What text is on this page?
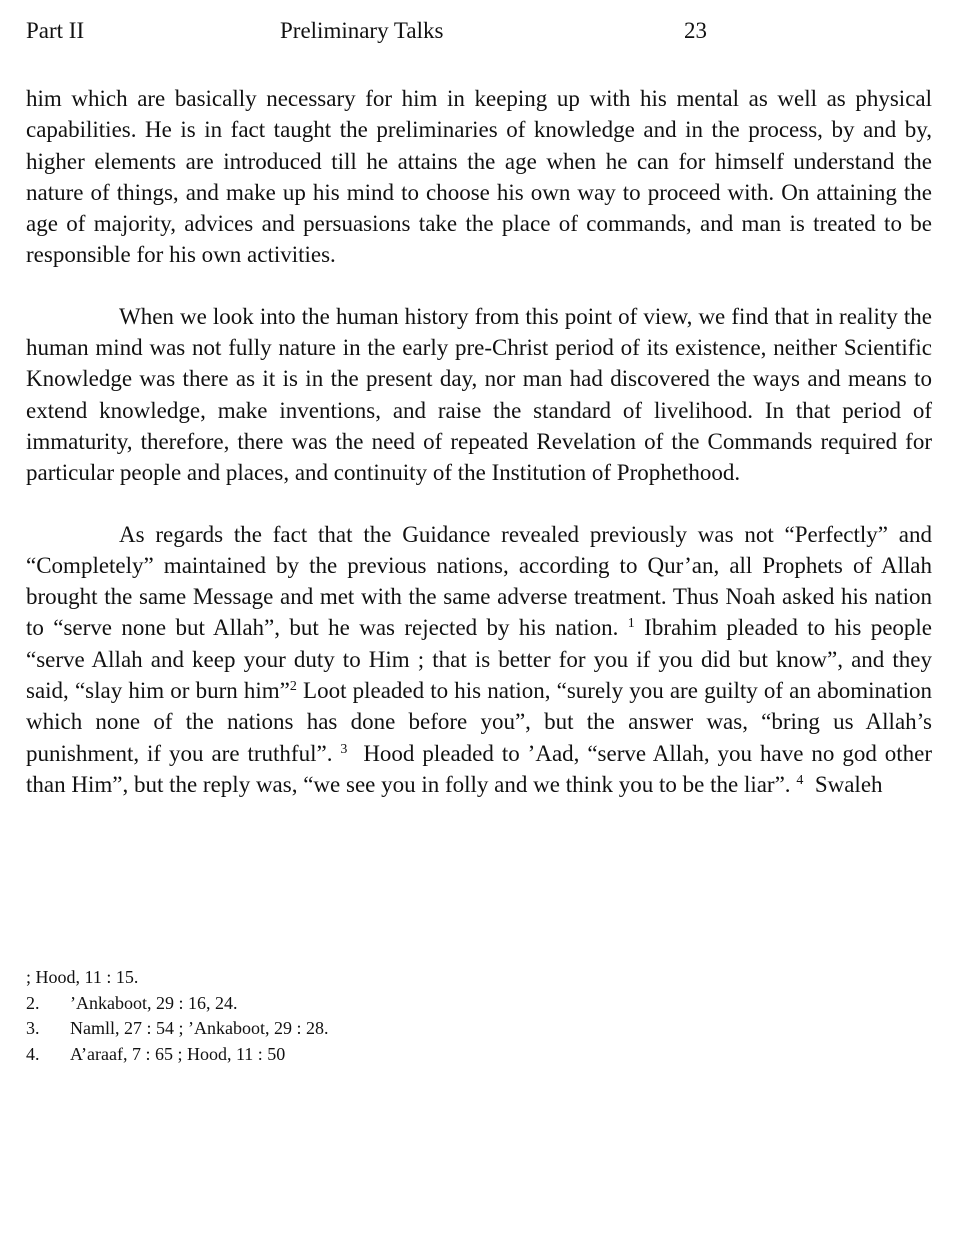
Part II	Preliminary Talks	23

him which are basically necessary for him in keeping up with his mental as well as physical capabilities. He is in fact taught the preliminaries of knowledge and in the process, by and by, higher elements are introduced till he attains the age when he can for himself understand the nature of things, and make up his mind to choose his own way to proceed with. On attaining the age of majority, advices and persuasions take the place of commands, and man is treated to be responsible for his own activities.

When we look into the human history from this point of view, we find that in reality the human mind was not fully nature in the early pre-Christ period of its existence, neither Scientific Knowledge was there as it is in the present day, nor man had discovered the ways and means to extend knowledge, make inventions, and raise the standard of livelihood. In that period of immaturity, therefore, there was the need of repeated Revelation of the Commands required for particular people and places, and continuity of the Institution of Prophethood.

As regards the fact that the Guidance revealed previously was not “Perfectly” and “Completely” maintained by the previous nations, according to Qur’an, all Prophets of Allah brought the same Message and met with the same adverse treatment. Thus Noah asked his nation to “serve none but Allah”, but he was rejected by his nation. $^1$ Ibrahim pleaded to his people “serve Allah and keep your duty to Him ; that is better for you if you did but know”, and they said, “slay him or burn him”$^2$ Loot pleaded to his nation, “surely you are guilty of an abomination which none of the nations has done before you”, but the answer was, “bring us Allah’s punishment, if you are truthful”. $^3$ Hood pleaded to ’Aad, “serve Allah, you have no god other than Him”, but the reply was, “we see you in folly and we think you to be the liar”. $^4$ Swaleh

; Hood, 11 : 15.
2. ’Ankaboot, 29 : 16, 24.
3. Namll, 27 : 54 ; ’Ankaboot, 29 : 28.
4. A’araaf, 7 : 65 ; Hood, 11 : 50
